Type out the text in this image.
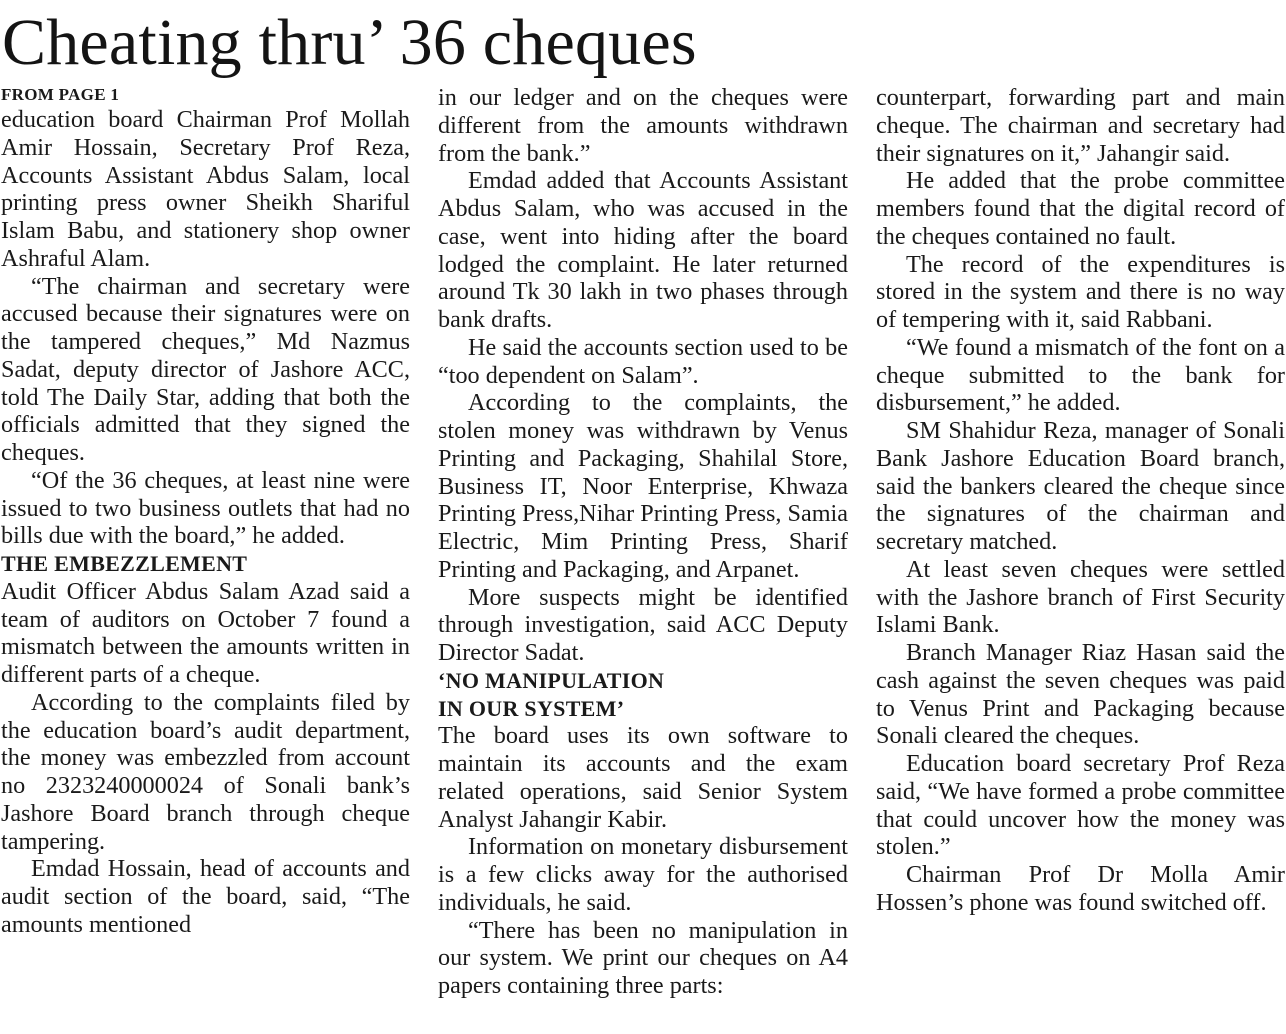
Cheating thru’ 36 cheques

FROM PAGE 1

education board Chairman Prof Mollah Amir Hossain, Secretary Prof Reza, Accounts Assistant Abdus Salam, local printing press owner Sheikh Shariful Islam Babu, and stationery shop owner Ashraful Alam.

“The chairman and secretary were accused because their signatures were on the tampered cheques,” Md Nazmus Sadat, deputy director of Jashore ACC, told The Daily Star, adding that both the officials admitted that they signed the cheques.

“Of the 36 cheques, at least nine were issued to two business outlets that had no bills due with the board,” he added.

THE EMBEZZLEMENT

Audit Officer Abdus Salam Azad said a team of auditors on October 7 found a mismatch between the amounts written in different parts of a cheque.

According to the complaints filed by the education board’s audit department, the money was embezzled from account no 2323240000024 of Sonali bank’s Jashore Board branch through cheque tampering.

Emdad Hossain, head of accounts and audit section of the board, said, “The amounts mentioned

in our ledger and on the cheques were different from the amounts withdrawn from the bank.”

Emdad added that Accounts Assistant Abdus Salam, who was accused in the case, went into hiding after the board lodged the complaint. He later returned around Tk 30 lakh in two phases through bank drafts.

He said the accounts section used to be “too dependent on Salam”.

According to the complaints, the stolen money was withdrawn by Venus Printing and Packaging, Shahilal Store, Business IT, Noor Enterprise, Khwaza Printing Press,Nihar Printing Press, Samia Electric, Mim Printing Press, Sharif Printing and Packaging, and Arpanet.

More suspects might be identified through investigation, said ACC Deputy Director Sadat.

‘NO MANIPULATION
IN OUR SYSTEM’

The board uses its own software to maintain its accounts and the exam related operations, said Senior System Analyst Jahangir Kabir.

Information on monetary disbursement is a few clicks away for the authorised individuals, he said.

“There has been no manipulation in our system. We print our cheques on A4 papers containing three parts:

counterpart, forwarding part and main cheque. The chairman and secretary had their signatures on it,” Jahangir said.

He added that the probe committee members found that the digital record of the cheques contained no fault.

The record of the expenditures is stored in the system and there is no way of tempering with it, said Rabbani.

“We found a mismatch of the font on a cheque submitted to the bank for disbursement,” he added.

SM Shahidur Reza, manager of Sonali Bank Jashore Education Board branch, said the bankers cleared the cheque since the signatures of the chairman and secretary matched.

At least seven cheques were settled with the Jashore branch of First Security Islami Bank.

Branch Manager Riaz Hasan said the cash against the seven cheques was paid to Venus Print and Packaging because Sonali cleared the cheques.

Education board secretary Prof Reza said, “We have formed a probe committee that could uncover how the money was stolen.”

Chairman Prof Dr Molla Amir Hossen’s phone was found switched off.
